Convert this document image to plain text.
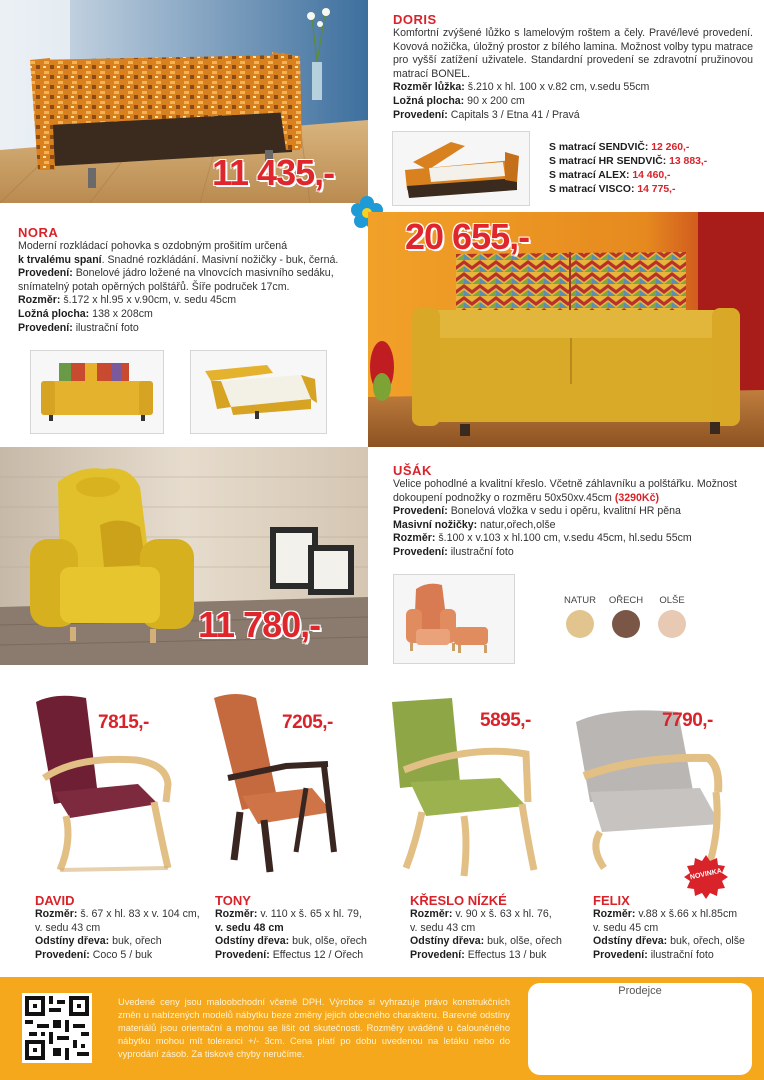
11 435,-
DORIS
Komfortní zvýšené lůžko s lamelovým roštem a čely. Pravé/levé provedení. Kovová nožička, úložný prostor z bílého lamina. Možnost volby typu matrace pro vyšší zatížení uživatele. Standardní provedení se zdravotní pružinovou matrací BONEL.
Rozměr lůžka: š.210 x hl. 100 x v.82 cm, v.sedu 55cm
Ložná plocha: 90 x 200 cm
Provedení: Capitals 3 / Etna 41 / Pravá
S matrací SENDVIČ: 12 260,-
S matrací HR SENDVIČ: 13 883,-
S matrací ALEX: 14 460,-
S matrací VISCO: 14 775,-
NORA
Moderní rozkládací pohovka s ozdobným prošitím určená
k trvalému spaní. Snadné rozkládání. Masivní nožičky - buk, černá.
Provedení: Bonelové jádro ložené na vlnovcích masivního sedáku, snímatelný potah opěrných polštářů. Šíře područek 17cm.
Rozměr: š.172 x hl.95 x v.90cm, v. sedu 45cm
Ložná plocha: 138 x 208cm
Provedení: ilustrační foto
20 655,-
11 780,-
UŠÁK
Velice pohodlné a kvalitní křeslo. Včetně záhlavníku a polštářku. Možnost dokoupení podnožky o rozměru 50x50xv.45cm (3290Kč)
Provedení: Bonelová vložka v sedu i opěru, kvalitní HR pěna
Masivní nožičky: natur,ořech,olše
Rozměr: š.100 x v.103 x hl.100 cm, v.sedu 45cm, hl.sedu 55cm
Provedení: ilustrační foto
NATUR	OŘECH	OLŠE
7815,-	7205,-	5895,-	7790,-
NOVINKA
DAVID
Rozměr: š. 67 x hl. 83 x v. 104 cm,
v. sedu 43 cm
Odstíny dřeva: buk, ořech
Provedení: Coco 5 / buk
TONY
Rozměr: v. 110 x š. 65 x hl. 79,
v. sedu 48 cm
Odstíny dřeva: buk, olše, ořech
Provedení: Effectus 12 / Ořech
KŘESLO NÍZKÉ
Rozměr: v. 90 x š. 63 x hl. 76,
v. sedu 43 cm
Odstíny dřeva: buk, olše, ořech
Provedení: Effectus 13 / buk
FELIX
Rozměr: v.88 x š.66 x hl.85cm
v. sedu 45 cm
Odstíny dřeva: buk, ořech, olše
Provedení: ilustrační foto
Uvedené ceny jsou maloobchodní včetně DPH. Výrobce si vyhrazuje právo konstrukčních změn u nabízených modelů nábytku beze změny jejich obecného charakteru. Barevné odstíny materiálů jsou orientační a mohou se lišit od skutečnosti. Rozměry uváděné u čalouněného nábytku mohou mít toleranci +/- 3cm. Cena platí po dobu uvedenou na letáku nebo do vyprodání zásob. Za tiskové chyby neručíme.
Prodejce
